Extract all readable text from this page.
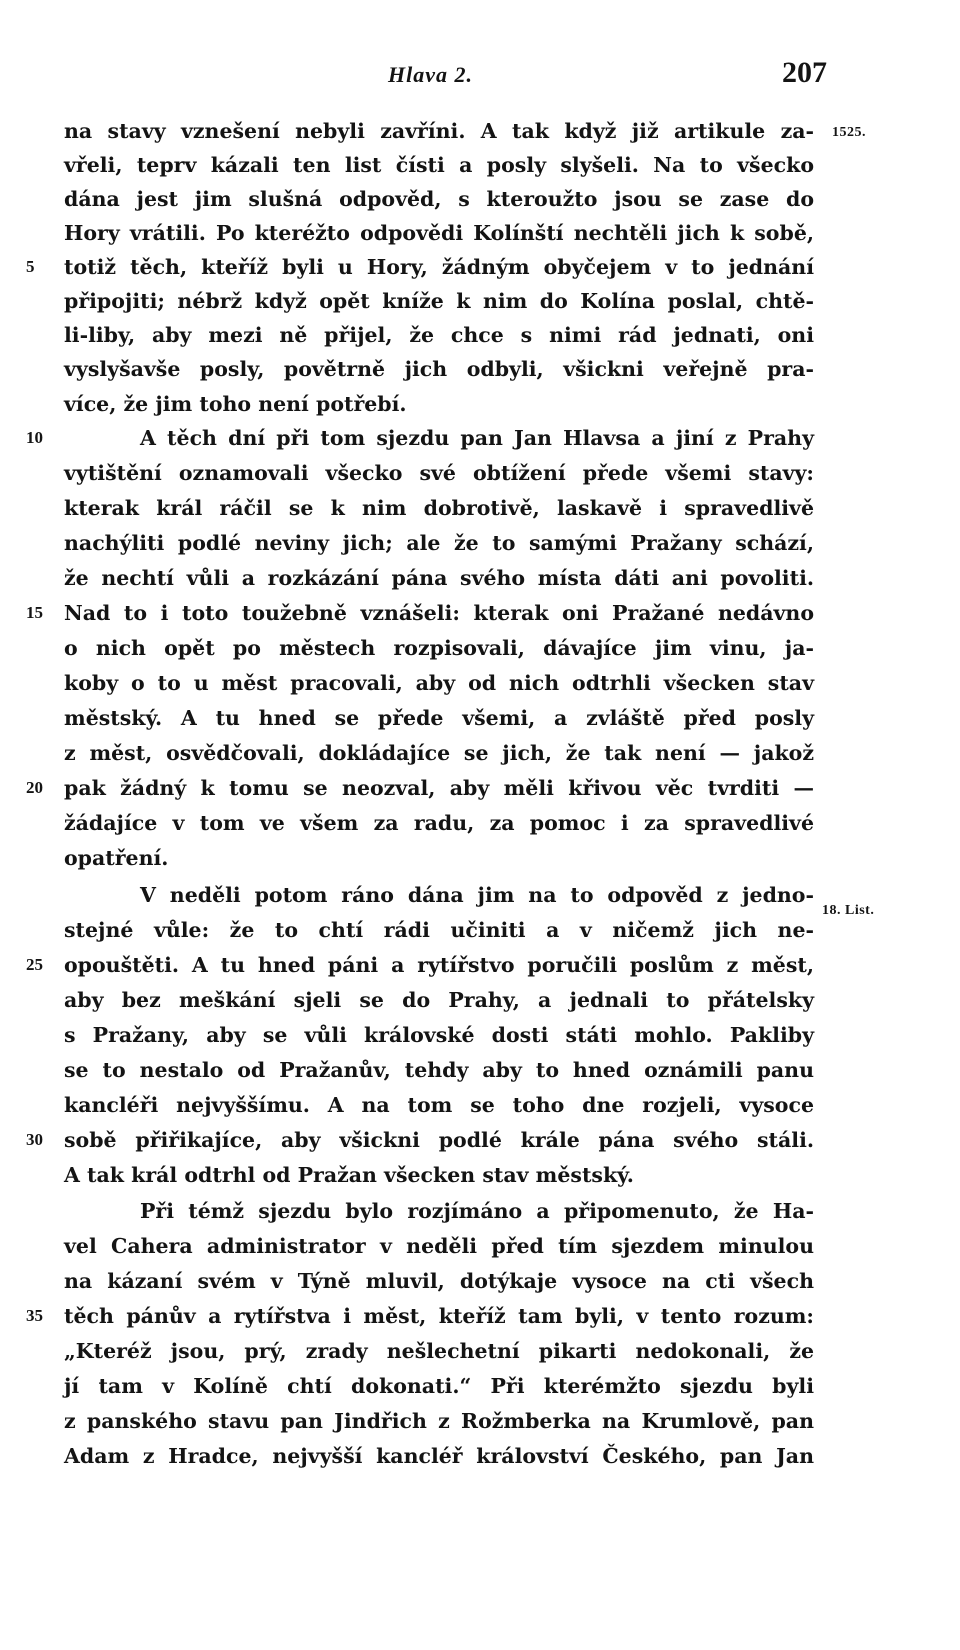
Hlava 2.	207
1525.
18. List.
na stavy vznešení nebyli zavříni. A tak když již artikule za-
vřeli, teprv kázali ten list čísti a posly slyšeli. Na to všecko
dána jest jim slušná odpověd, s kteroužto jsou se zase do
Hory vrátili. Po kteréžto odpovědi Kolínští nechtěli jich k sobě,
totiž těch, kteříž byli u Hory, žádným obyčejem v to jednání
připojiti; nébrž když opět kníže k nim do Kolína poslal, chtě-
li-liby, aby mezi ně přijel, že chce s nimi rád jednati, oni
vyslyšavše posly, povětrně jich odbyli, všickni veřejně pra-
více, že jim toho není potřebí.
A těch dní při tom sjezdu pan Jan Hlavsa a jiní z Prahy
vytištění oznamovali všecko své obtížení přede všemi stavy:
kterak král ráčil se k nim dobrotivě, laskavě i spravedlivě
nachýliti podlé neviny jich; ale že to samými Pražany schází,
že nechtí vůli a rozkázání pána svého místa dáti ani povoliti.
Nad to i toto toužebně vznášeli: kterak oni Pražané nedávno
o nich opět po městech rozpisovali, dávajíce jim vinu, ja-
koby o to u měst pracovali, aby od nich odtrhli všecken stav
městský. A tu hned se přede všemi, a zvláště před posly
z měst, osvědčovali, dokládajíce se jich, že tak není — jakož
pak žádný k tomu se neozval, aby měli křivou věc tvrditi —
žádajíce v tom ve všem za radu, za pomoc i za spravedlivé
opatření.
V neděli potom ráno dána jim na to odpověd z jedno-
stejné vůle: že to chtí rádi učiniti a v ničemž jich ne-
opouštěti. A tu hned páni a rytířstvo poručili poslům z měst,
aby bez meškání sjeli se do Prahy, a jednali to přátelsky
s Pražany, aby se vůli královské dosti státi mohlo. Pakliby
se to nestalo od Pražanův, tehdy aby to hned oznámili panu
kancléři nejvyššímu. A na tom se toho dne rozjeli, vysoce
sobě přiřikajíce, aby všickni podlé krále pána svého stáli.
A tak král odtrhl od Pražan všecken stav městský.
Při témž sjezdu bylo rozjímáno a připomenuto, že Ha-
vel Cahera administrator v neděli před tím sjezdem minulou
na kázaní svém v Týně mluvil, dotýkaje vysoce na cti všech
těch pánův a rytířstva i měst, kteříž tam byli, v tento rozum:
„Kteréž jsou, prý, zrady nešlechetní pikarti nedokonali, že
jí tam v Kolíně chtí dokonati.“ Při kterémžto sjezdu byli
z panského stavu pan Jindřich z Rožmberka na Krumlově, pan
Adam z Hradce, nejvyšší kancléř království Českého, pan Jan
5
10
15
20
25
30
35
